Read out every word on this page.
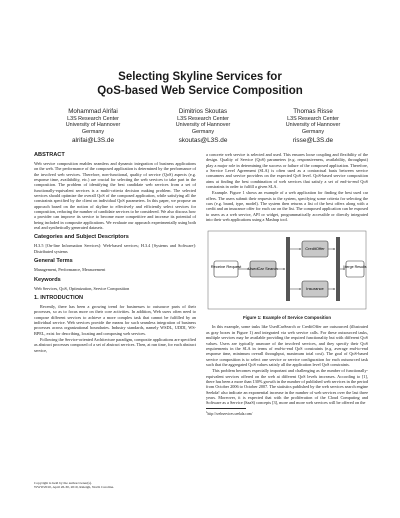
Selecting Skyline Services for
QoS-based Web Service Composition
Mohammad Alrifai
L3S Research Center
University of Hannover
Germany
alrifai@L3S.de
Dimitrios Skoutas
L3S Research Center
University of Hannover
Germany
skoutas@L3S.de
Thomas Risse
L3S Research Center
University of Hannover
Germany
risse@L3S.de
ABSTRACT
Web service composition enables seamless and dynamic integration of business applications on the web. The performance of the composed application is determined by the performance of the involved web services. Therefore, non-functional, quality of service (QoS) aspects (e.g. response time, availability, etc.) are crucial for selecting the web services to take part in the composition. The problem of identifying the best candidate web services from a set of functionally-equivalent services is a multi-criteria decision making problem. The selected services should optimize the overall QoS of the composed application, while satisfying all the constraints specified by the client on individual QoS parameters. In this paper, we propose an approach based on the notion of skyline to effectively and efficiently select services for composition, reducing the number of candidate services to be considered. We also discuss how a provider can improve its service to become more competitive and increase its potential of being included in composite applications. We evaluate our approach experimentally using both real and synthetically generated datasets.
Categories and Subject Descriptors
H.3.5 [On-line Information Services]: Web-based services; H.3.4 [Systems and Software]: Distributed systems
General Terms
Management, Performance, Measurement
Keywords
Web Services, QoS, Optimization, Service Composition
1. INTRODUCTION
Recently, there has been a growing trend for businesses to outsource parts of their processes, so as to focus more on their core activities. In addition, Web users often need to compose different services to achieve a more complex task that cannot be fulfilled by an individual service. Web services provide the means for such seamless integration of business processes across organizational boundaries. Industry standards, namely WSDL, UDDI, WS-BPEL, exist for describing, locating and composing web services.
Following the Service-oriented Architecture paradigm, composite applications are specified as abstract processes composed of a set of abstract services. Then, at run time, for each abstract service,
Copyright is held by the author/owner(s).
WWW2010, April 26-30, 2010, Raleigh, North Carolina.
a concrete web service is selected and used. This ensures loose coupling and flexibility of the design. Quality of Service (QoS) parameters (e.g. responsiveness, availability, throughput) play a major role in determining the success or failure of the composed application. Therefore, a Service Level Agreement (SLA) is often used as a contractual basis between service consumers and service providers on the expected QoS level. QoS-based service composition aims at finding the best combination of web services that satisfy a set of end-to-end QoS constraints in order to fulfill a given SLA.
Example. Figure 1 shows an example of a web application for finding the best used car offers. The users submit their requests to the system, specifying some criteria for selecting the cars (e.g. brand, type, model). The system then returns a list of the best offers along with a credit and an insurance offer for each car on the list. The composed application can be exposed to users as a web service, API or widget, programmatically accessible or directly integrated into their web applications using a Mashup tool.
Receive Request UsedCar Search
CreditOffer
Insurance
Merge Results
Figure 1: Example of Service Composition
In this example, some tasks like UsedCarSearch or CreditOffer are outsourced (illustrated as gray boxes in Figure 1) and integrated via web service calls. For these outsourced tasks, multiple services may be available providing the required functionality but with different QoS values. Users are typically unaware of the involved services, and they specify their QoS requirements in the SLA in terms of end-to-end QoS constraints (e.g. average end-to-end response time, minimum overall throughput, maximum total cost). The goal of QoS-based service composition is to select one service or service configuration for each outsourced task such that the aggregated QoS values satisfy all the application level QoS constraints.
This problem becomes especially important and challenging as the number of functionally-equivalent services offered on the web at different QoS levels increases. According to [1], there has been a more than 130% growth in the number of published web services in the period from October 2006 to October 2007. The statistics published by the web services search engine Seekda! also indicate an exponential increase in the number of web services over the last three years. Moreover, it is expected that with the proliferation of the Cloud Computing and Software as a Service (SaaS) concepts [3], more and more web services will be offered on the
$^1$http://webservices.seekda.com/
